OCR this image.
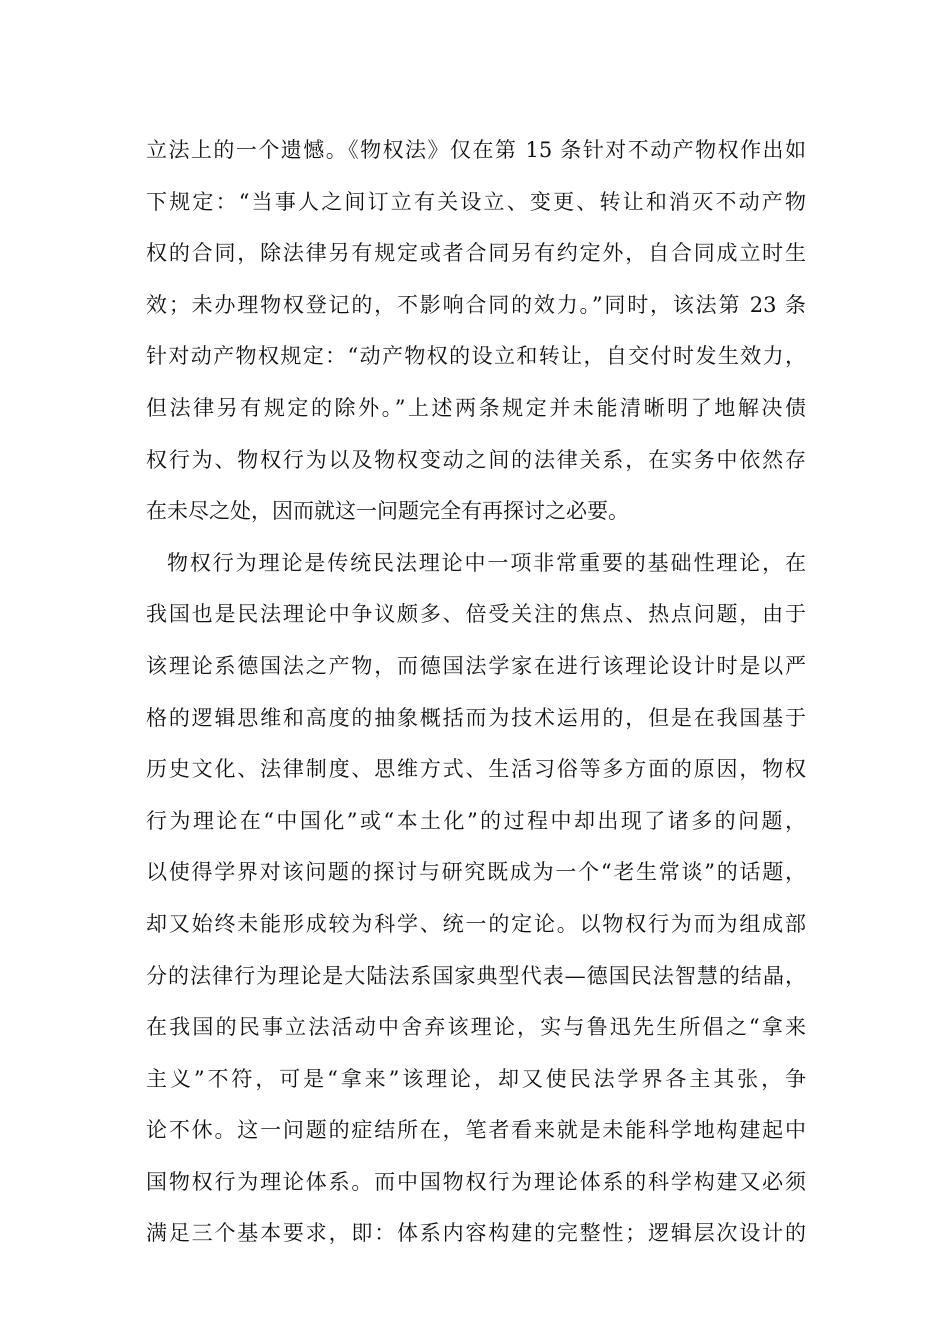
立法上的一个遗憾。《物权法》仅在第 15 条针对不动产物权作出如
下规定：“当事人之间订立有关设立、变更、转让和消灭不动产物
权的合同，除法律另有规定或者合同另有约定外，自合同成立时生
效；未办理物权登记的，不影响合同的效力。”同时，该法第 23 条
针对动产物权规定：“动产物权的设立和转让，自交付时发生效力，
但法律另有规定的除外。”上述两条规定并未能清晰明了地解决债
权行为、物权行为以及物权变动之间的法律关系，在实务中依然存
在未尽之处，因而就这一问题完全有再探讨之必要。
物权行为理论是传统民法理论中一项非常重要的基础性理论，在
我国也是民法理论中争议颇多、倍受关注的焦点、热点问题，由于
该理论系德国法之产物，而德国法学家在进行该理论设计时是以严
格的逻辑思维和高度的抽象概括而为技术运用的，但是在我国基于
历史文化、法律制度、思维方式、生活习俗等多方面的原因，物权
行为理论在“中国化”或“本土化”的过程中却出现了诸多的问题，
以使得学界对该问题的探讨与研究既成为一个“老生常谈”的话题，
却又始终未能形成较为科学、统一的定论。以物权行为而为组成部
分的法律行为理论是大陆法系国家典型代表—德国民法智慧的结晶，
在我国的民事立法活动中舍弃该理论，实与鲁迅先生所倡之“拿来
主义”不符，可是“拿来”该理论，却又使民法学界各主其张，争
论不休。这一问题的症结所在，笔者看来就是未能科学地构建起中
国物权行为理论体系。而中国物权行为理论体系的科学构建又必须
满足三个基本要求，即：体系内容构建的完整性；逻辑层次设计的
